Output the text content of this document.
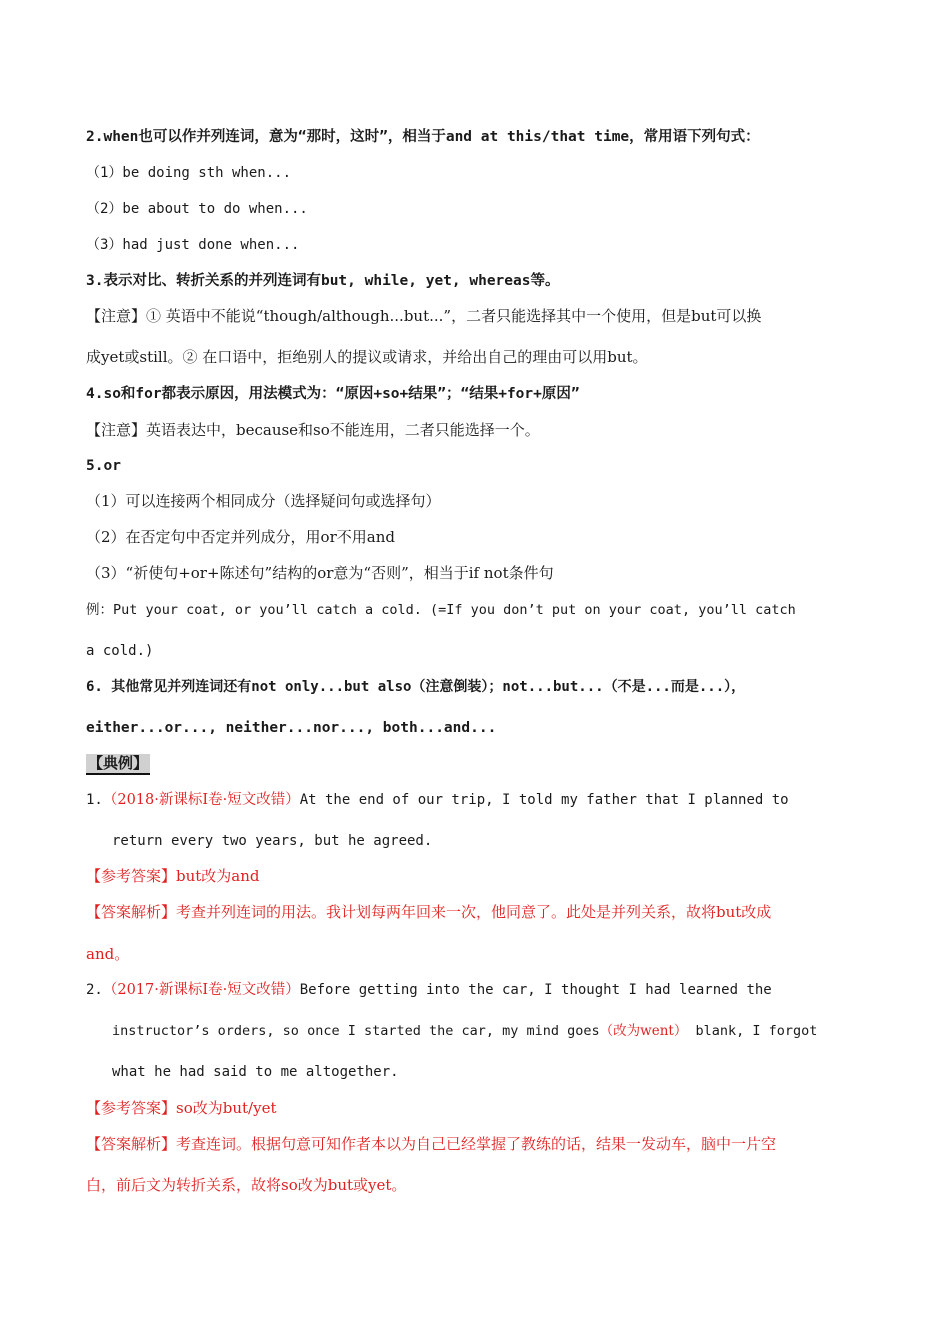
2.when也可以作并列连词，意为“那时，这时”，相当于and at this/that time，常用语下列句式：
（1）be doing sth when...
（2）be about to do when...
（3）had just done when...
3.表示对比、转折关系的并列连词有but, while, yet, whereas等。
【注意】① 英语中不能说“though/although...but...”，二者只能选择其中一个使用，但是but可以换
成yet或still。② 在口语中，拒绝别人的提议或请求，并给出自己的理由可以用but。
4.so和for都表示原因，用法模式为：“原因+so+结果”；“结果+for+原因”
【注意】英语表达中，because和so不能连用，二者只能选择一个。
5.or
（1）可以连接两个相同成分（选择疑问句或选择句）
（2）在否定句中否定并列成分，用or不用and
（3）“祈使句+or+陈述句”结构的or意为“否则”，相当于if not条件句
例：Put your coat, or you’ll catch a cold. (=If you don’t put on your coat, you’ll catch
a cold.)
6. 其他常见并列连词还有not only...but also（注意倒装）；not...but...（不是...而是...），
either...or..., neither...nor..., both...and...
【典例】
1.（2018·新课标Ⅰ卷·短文改错）At the end of our trip, I told my father that I planned to
return every two years, but he agreed.
【参考答案】but改为and
【答案解析】考查并列连词的用法。我计划每两年回来一次，他同意了。此处是并列关系，故将but改成
and。
2.（2017·新课标Ⅰ卷·短文改错）Before getting into the car, I thought I had learned the
instructor’s orders, so once I started the car, my mind goes（改为went） blank, I forgot
what he had said to me altogether.
【参考答案】so改为but/yet
【答案解析】考查连词。根据句意可知作者本以为自己已经掌握了教练的话，结果一发动车，脑中一片空
白，前后文为转折关系，故将so改为but或yet。
